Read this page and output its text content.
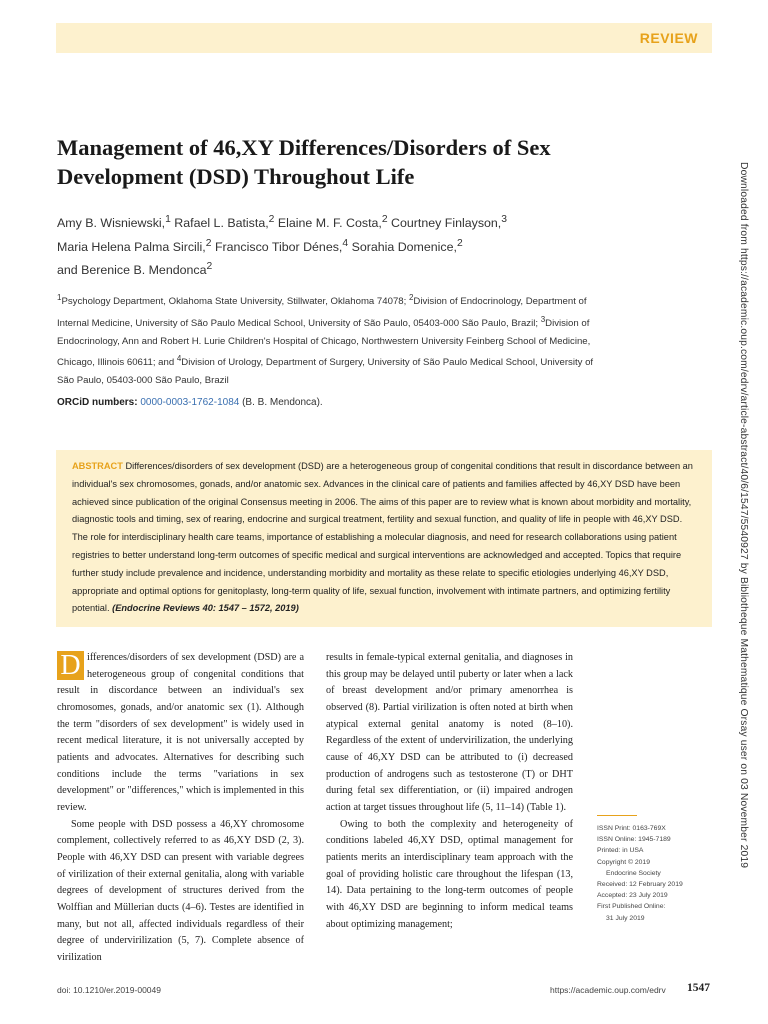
REVIEW
Management of 46,XY Differences/Disorders of Sex Development (DSD) Throughout Life
Amy B. Wisniewski,$^1$ Rafael L. Batista,$^2$ Elaine M. F. Costa,$^2$ Courtney Finlayson,$^3$
Maria Helena Palma Sircili,$^2$ Francisco Tibor Dénes,$^4$ Sorahia Domenice,$^2$
and Berenice B. Mendonca$^2$
$^1$Psychology Department, Oklahoma State University, Stillwater, Oklahoma 74078; $^2$Division of Endocrinology, Department of Internal Medicine, University of São Paulo Medical School, University of São Paulo, 05403-000 São Paulo, Brazil; $^3$Division of Endocrinology, Ann and Robert H. Lurie Children's Hospital of Chicago, Northwestern University Feinberg School of Medicine, Chicago, Illinois 60611; and $^4$Division of Urology, Department of Surgery, University of São Paulo Medical School, University of São Paulo, 05403-000 São Paulo, Brazil
ORCiD numbers: 0000-0003-1762-1084 (B. B. Mendonca).
ABSTRACT Differences/disorders of sex development (DSD) are a heterogeneous group of congenital conditions that result in discordance between an individual's sex chromosomes, gonads, and/or anatomic sex. Advances in the clinical care of patients and families affected by 46,XY DSD have been achieved since publication of the original Consensus meeting in 2006. The aims of this paper are to review what is known about morbidity and mortality, diagnostic tools and timing, sex of rearing, endocrine and surgical treatment, fertility and sexual function, and quality of life in people with 46,XY DSD. The role for interdisciplinary health care teams, importance of establishing a molecular diagnosis, and need for research collaborations using patient registries to better understand long-term outcomes of specific medical and surgical interventions are acknowledged and accepted. Topics that require further study include prevalence and incidence, understanding morbidity and mortality as these relate to specific etiologies underlying 46,XY DSD, appropriate and optimal options for genitoplasty, long-term quality of life, sexual function, involvement with intimate partners, and optimizing fertility potential. (Endocrine Reviews 40: 1547 – 1572, 2019)

D ifferences/disorders of sex development (DSD) are a heterogeneous group of congenital conditions that result in discordance between an individual's sex chromosomes, gonads, and/or anatomic sex (1). Although the term "disorders of sex development" is widely used in recent medical literature, it is not universally accepted by patients and advocates. Alternatives for describing such conditions include the terms "variations in sex development" or "differences," which is implemented in this review.

Some people with DSD possess a 46,XY chromosome complement, collectively referred to as 46,XY DSD (2, 3). People with 46,XY DSD can present with variable degrees of virilization of their external genitalia, along with variable degrees of development of structures derived from the Wolffian and Müllerian ducts (4–6). Testes are identified in many, but not all, affected individuals regardless of their degree of undervirilization (5, 7). Complete absence of virilization

results in female-typical external genitalia, and diagnoses in this group may be delayed until puberty or later when a lack of breast development and/or primary amenorrhea is observed (8). Partial virilization is often noted at birth when atypical external genital anatomy is noted (8–10). Regardless of the extent of undervirilization, the underlying cause of 46,XY DSD can be attributed to (i) decreased production of androgens such as testosterone (T) or DHT during fetal sex differentiation, or (ii) impaired androgen action at target tissues throughout life (5, 11–14) (Table 1).

Owing to both the complexity and heterogeneity of conditions labeled 46,XY DSD, optimal management for patients merits an interdisciplinary team approach with the goal of providing holistic care throughout the lifespan (13, 14). Data pertaining to the long-term outcomes of people with 46,XY DSD are beginning to inform medical teams about optimizing management;

ISSN Print: 0163-769X
ISSN Online: 1945-7189
Printed: in USA
Copyright © 2019
Endocrine Society
Received: 12 February 2019
Accepted: 23 July 2019
First Published Online:
31 July 2019
doi: 10.1210/er.2019-00049	https://academic.oup.com/edrv 1547
Downloaded from https://academic.oup.com/edrv/article-abstract/40/6/1547/5540927 by Bibliotheque Mathematique Orsay user on 03 November 2019
